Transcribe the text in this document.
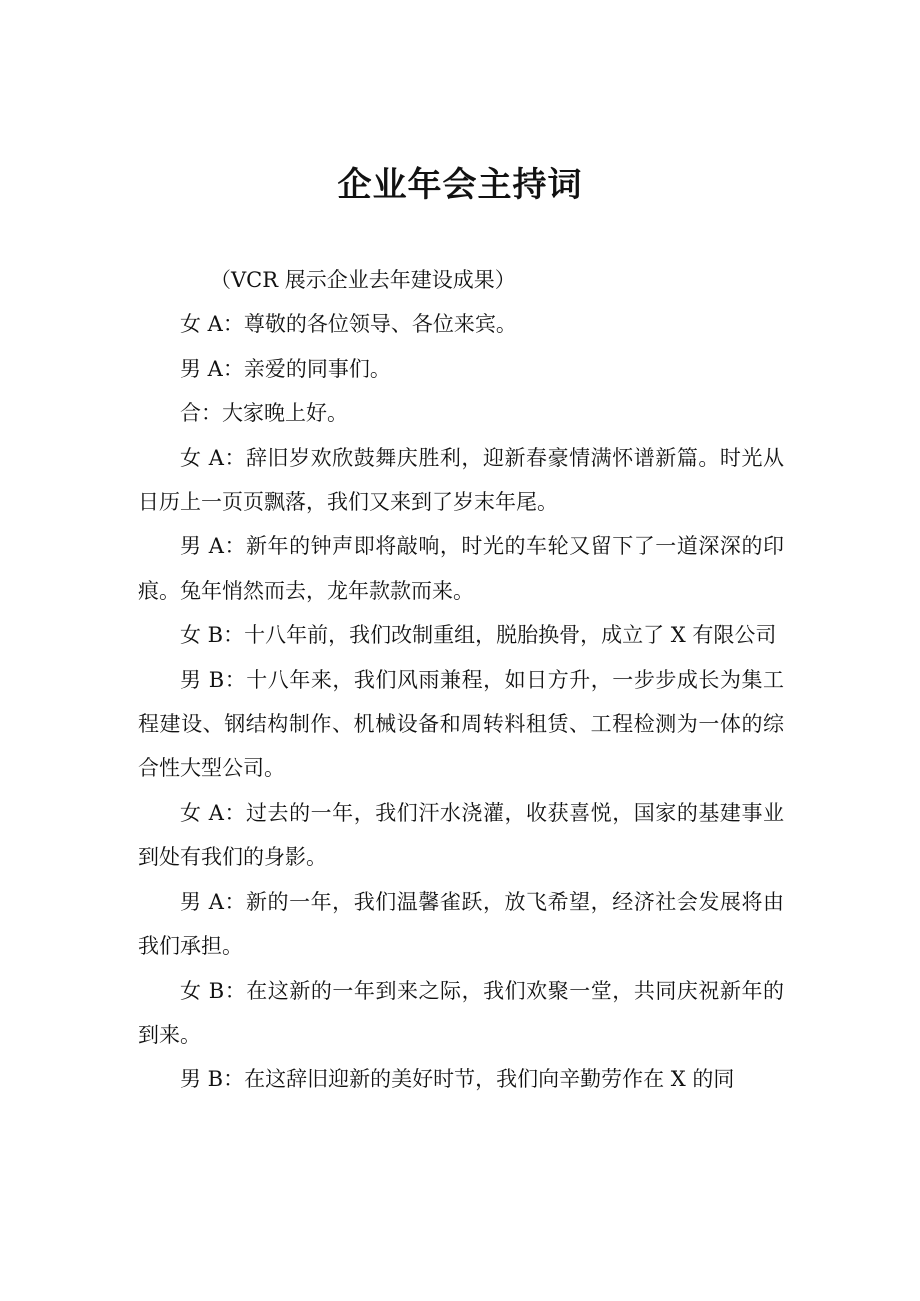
企业年会主持词

（VCR 展示企业去年建设成果）

女 A：尊敬的各位领导、各位来宾。

男 A：亲爱的同事们。

合：大家晚上好。

女 A：辞旧岁欢欣鼓舞庆胜利，迎新春豪情满怀谱新篇。时光从日历上一页页飘落，我们又来到了岁末年尾。

男 A：新年的钟声即将敲响，时光的车轮又留下了一道深深的印痕。兔年悄然而去，龙年款款而来。

女 B：十八年前，我们改制重组，脱胎换骨，成立了 X 有限公司

男 B：十八年来，我们风雨兼程，如日方升，一步步成长为集工程建设、钢结构制作、机械设备和周转料租赁、工程检测为一体的综合性大型公司。

女 A：过去的一年，我们汗水浇灌，收获喜悦，国家的基建事业到处有我们的身影。

男 A：新的一年，我们温馨雀跃，放飞希望，经济社会发展将由我们承担。

女 B：在这新的一年到来之际，我们欢聚一堂，共同庆祝新年的到来。

男 B：在这辞旧迎新的美好时节，我们向辛勤劳作在 X 的同
